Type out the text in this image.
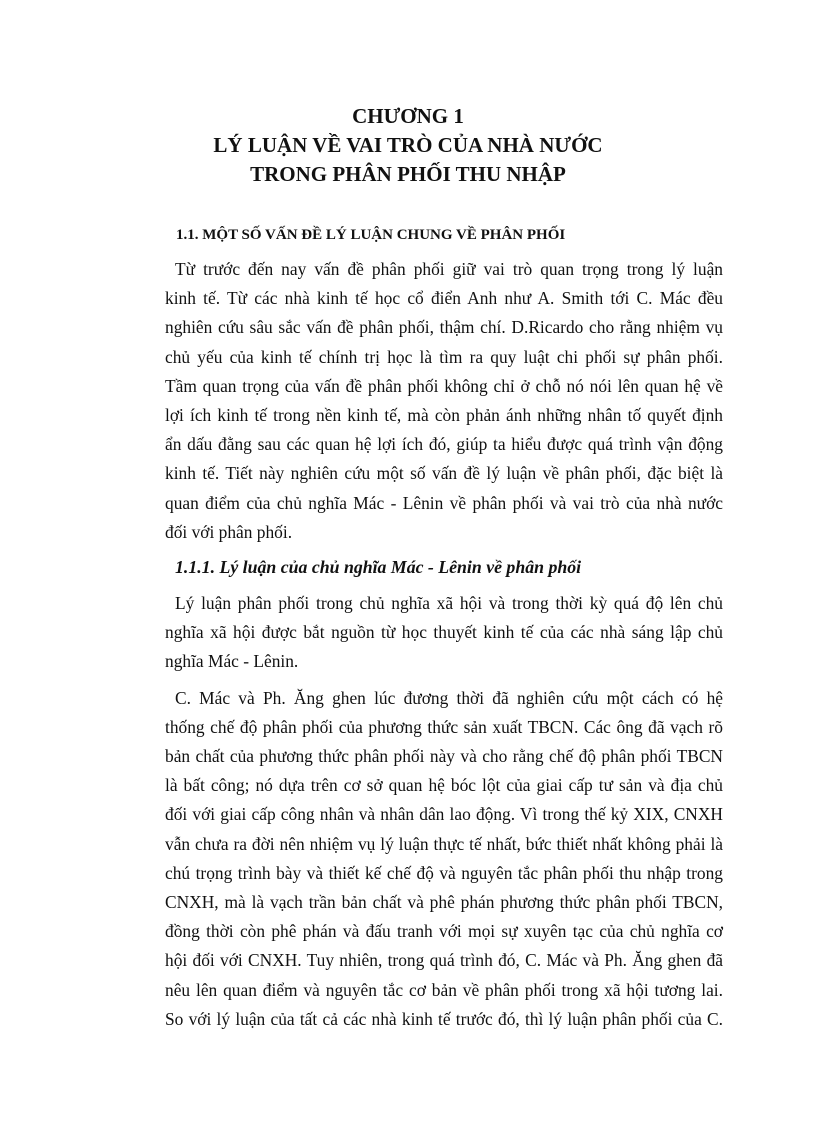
CHƯƠNG 1
LÝ LUẬN VỀ VAI TRÒ CỦA NHÀ NƯỚC
TRONG PHÂN PHỐI THU NHẬP
1.1. MỘT SỐ VẤN ĐỀ LÝ LUẬN CHUNG VỀ PHÂN PHỐI

Từ trước đến nay vấn đề phân phối giữ vai trò quan trọng trong lý luận
kinh tế. Từ các nhà kinh tế học cổ điển Anh như A. Smith tới C. Mác đều
nghiên cứu sâu sắc vấn đề phân phối, thậm chí. D.Ricardo cho rằng nhiệm vụ
chủ yếu của kinh tế chính trị học là tìm ra quy luật chi phối sự phân phối.
Tầm quan trọng của vấn đề phân phối không chỉ ở chỗ nó nói lên quan hệ về
lợi ích kinh tế trong nền kinh tế, mà còn phản ánh những nhân tố quyết định
ẩn dấu đằng sau các quan hệ lợi ích đó, giúp ta hiểu được quá trình vận động
kinh tế. Tiết này nghiên cứu một số vấn đề lý luận về phân phối, đặc biệt là
quan điểm của chủ nghĩa Mác - Lênin về phân phối và vai trò của nhà nước
đối với phân phối.

1.1.1. Lý luận của chủ nghĩa Mác - Lênin về phân phối

Lý luận phân phối trong chủ nghĩa xã hội và trong thời kỳ quá độ lên chủ
nghĩa xã hội được bắt nguồn từ học thuyết kinh tế của các nhà sáng lập chủ
nghĩa Mác - Lênin.

C. Mác và Ph. Ăng ghen lúc đương thời đã nghiên cứu một cách có hệ
thống chế độ phân phối của phương thức sản xuất TBCN. Các ông đã vạch rõ
bản chất của phương thức phân phối này và cho rằng chế độ phân phối TBCN
là bất công; nó dựa trên cơ sở quan hệ bóc lột của giai cấp tư sản và địa chủ
đối với giai cấp công nhân và nhân dân lao động. Vì trong thế kỷ XIX, CNXH
vẫn chưa ra đời nên nhiệm vụ lý luận thực tế nhất, bức thiết nhất không phải là
chú trọng trình bày và thiết kế chế độ và nguyên tắc phân phối thu nhập trong
CNXH, mà là vạch trần bản chất và phê phán phương thức phân phối TBCN,
đồng thời còn phê phán và đấu tranh với mọi sự xuyên tạc của chủ nghĩa cơ
hội đối với CNXH. Tuy nhiên, trong quá trình đó, C. Mác và Ph. Ăng ghen đã
nêu lên quan điểm và nguyên tắc cơ bản về phân phối trong xã hội tương lai.
So với lý luận của tất cả các nhà kinh tế trước đó, thì lý luận phân phối của C.
